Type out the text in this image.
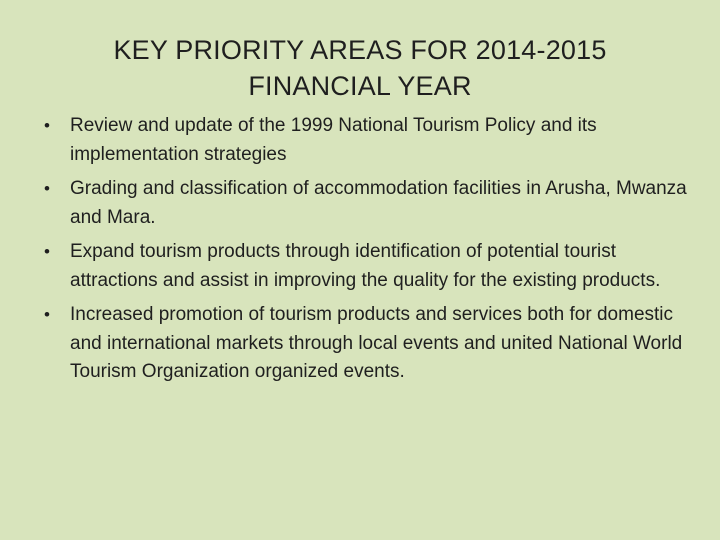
KEY PRIORITY AREAS FOR 2014-2015 FINANCIAL YEAR
• Review and update of the 1999 National Tourism Policy and its implementation strategies
• Grading and classification of accommodation facilities in Arusha, Mwanza and Mara.
• Expand tourism products through identification of potential tourist attractions and assist in improving the quality for the existing products.
• Increased promotion of tourism products and services both for domestic and international markets through local events and united National World Tourism Organization organized events.
